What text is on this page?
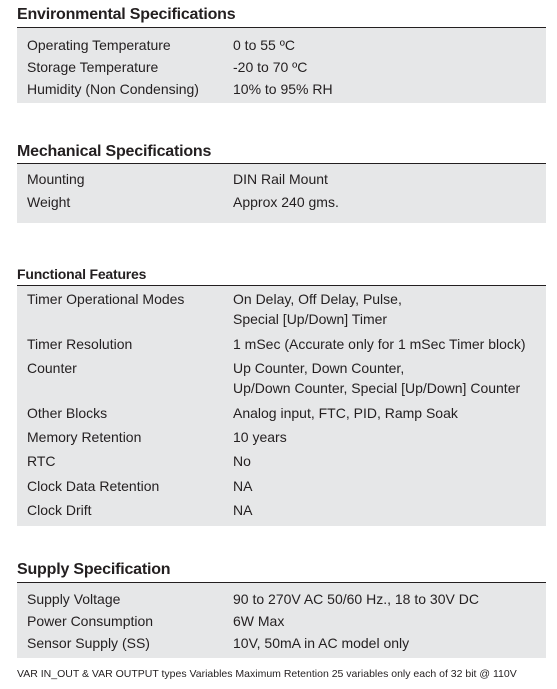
Environmental Specifications
Operating Temperature	0 to 55 ºC
Storage Temperature	-20 to 70 ºC
Humidity (Non Condensing) 10% to 95% RH
Mechanical Specifications
Mounting	DIN Rail Mount
Weight	Approx 240 gms.
Functional Features
Timer Operational Modes	On Delay, Off Delay, Pulse,
Special [Up/Down] Timer
Timer Resolution	1 mSec (Accurate only for 1 mSec Timer block)
Counter	Up Counter, Down Counter,
Up/Down Counter, Special [Up/Down] Counter
Other Blocks	Analog input, FTC, PID, Ramp Soak
Memory Retention	10 years
RTC	No
Clock Data Retention	NA
Clock Drift	NA
Supply Specification
Supply Voltage	90 to 270V AC 50/60 Hz., 18 to 30V DC
Power Consumption	6W Max
Sensor Supply (SS)	10V, 50mA in AC model only
VAR IN_OUT & VAR OUTPUT types Variables Maximum Retention 25 variables only each of 32 bit @ 110V
